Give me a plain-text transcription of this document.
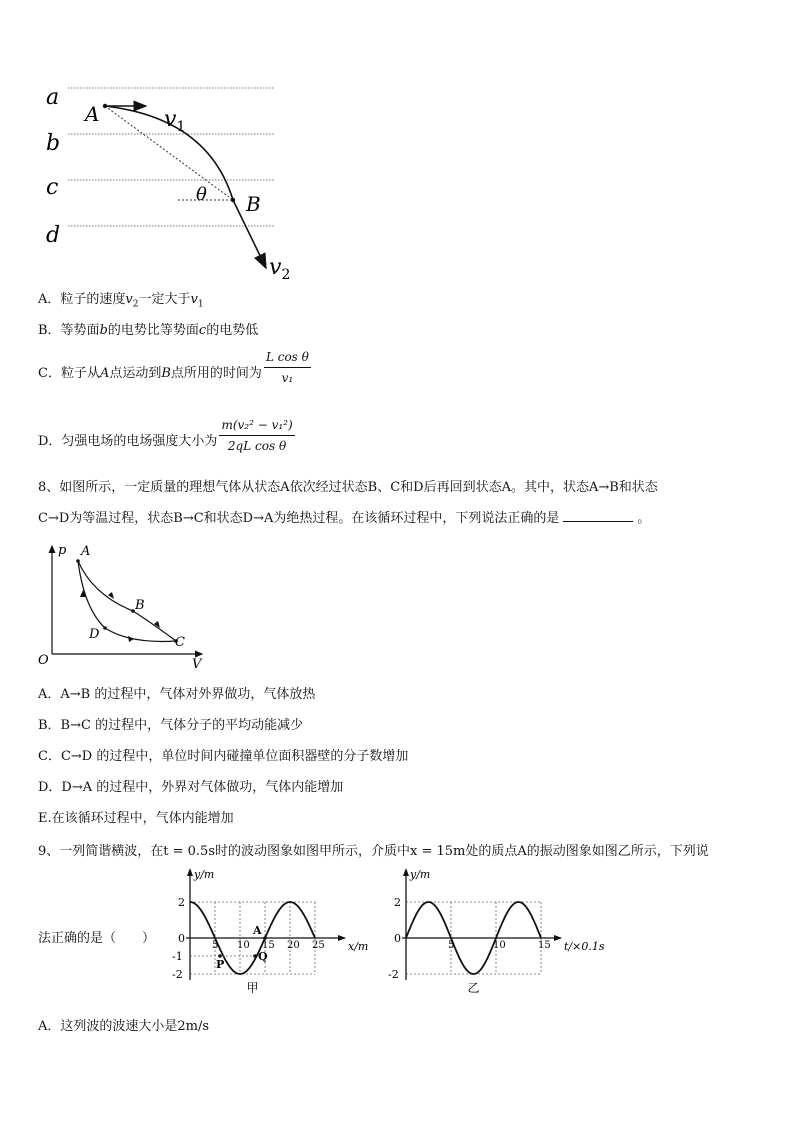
a
b
c
d
A
B
$v_1$
$v_2$
θ
A．粒子的速度$v_2$一定大于$v_1$
B．等势面b的电势比等势面c的电势低
C．粒子从A点运动到B点所用的时间为 $\frac{\text{L cos θ}}{\text{v₁}}$
D．匀强电场的电场强度大小为 $\frac{\text{m(v₂² − v₁²)}}{\text{2qL cos θ}}$
8、如图所示，一定质量的理想气体从状态A依次经过状态B、C和D后再回到状态A。其中，状态A→B和状态
C→D为等温过程，状态B→C和状态D→A为绝热过程。在该循环过程中，下列说法正确的是	。
p
V
O
A
B
C
D
A．A→B 的过程中，气体对外界做功，气体放热
B．B→C 的过程中，气体分子的平均动能减少
C．C→D 的过程中，单位时间内碰撞单位面积器壁的分子数增加
D．D→A 的过程中，外界对气体做功，气体内能增加
E.在该循环过程中，气体内能增加
9、一列简谐横波，在t = 0.5s时的波动图象如图甲所示，介质中x = 15m处的质点A的振动图象如图乙所示，下列说
法正确的是（　　）	5 10 15 20 25
2
0
-1
-2
y/m
x/m
甲
A
P
Q
5	10	15
2
0
-2
y/m
t/×0.1s
乙
A．这列波的波速大小是2m/s
